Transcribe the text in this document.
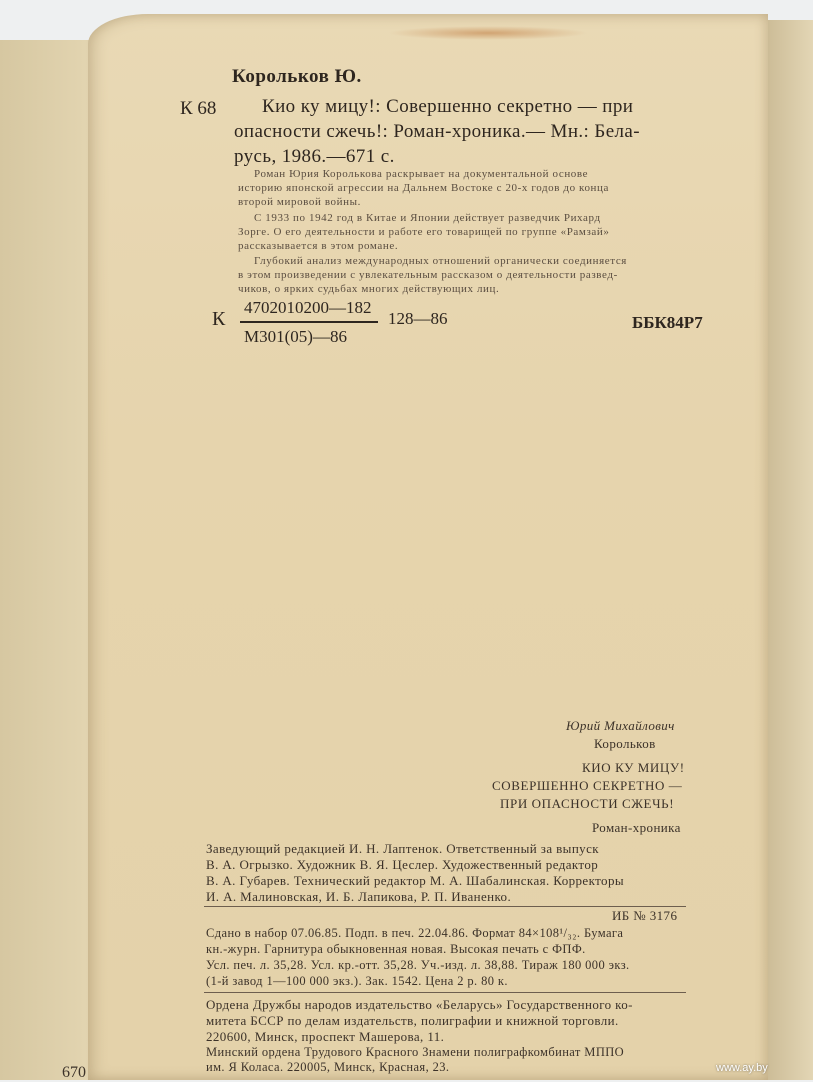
Корольков Ю.
К 68 Кио ку мицу!: Совершенно секретно — при
опасности сжечь!: Роман-хроника.— Мн.: Бела-
русь, 1986.—671 с.
Роман Юрия Королькова раскрывает на документальной основе
историю японской агрессии на Дальнем Востоке с 20-х годов до конца
второй мировой войны.
С 1933 по 1942 год в Китае и Японии действует разведчик Рихард
Зорге. О его деятельности и работе его товарищей по группе «Рамзай»
рассказывается в этом романе.
Глубокий анализ международных отношений органически соединяется
в этом произведении с увлекательным рассказом о деятельности развед-
чиков, о ярких судьбах многих действующих лиц.
К
4702010200—182
М301(05)—86
128—86	ББК84Р7
Юрий Михайлович
Корольков
КИО КУ МИЦУ!
СОВЕРШЕННО СЕКРЕТНО —
ПРИ ОПАСНОСТИ СЖЕЧЬ!
Роман-хроника
Заведующий редакцией И. Н. Лаптенок. Ответственный за выпуск
В. А. Огрызко. Художник В. Я. Цеслер. Художественный редактор
В. А. Губарев. Технический редактор М. А. Шабалинская. Корректоры
И. А. Малиновская, И. Б. Лапикова, Р. П. Иваненко.
ИБ № 3176
Сдано в набор 07.06.85. Подп. в печ. 22.04.86. Формат 84×108¹/₃₂. Бумага
кн.-журн. Гарнитура обыкновенная новая. Высокая печать с ФПФ.
Усл. печ. л. 35,28. Усл. кр.-отт. 35,28. Уч.-изд. л. 38,88. Тираж 180 000 экз.
(1-й завод 1—100 000 экз.). Зак. 1542. Цена 2 р. 80 к.
Ордена Дружбы народов издательство «Беларусь» Государственного ко-
митета БССР по делам издательств, полиграфии и книжной торговли.
220600, Минск, проспект Машерова, 11.
Минский ордена Трудового Красного Знамени полиграфкомбинат МППО
им. Я Коласа. 220005, Минск, Красная, 23.
670	www.ay.by
